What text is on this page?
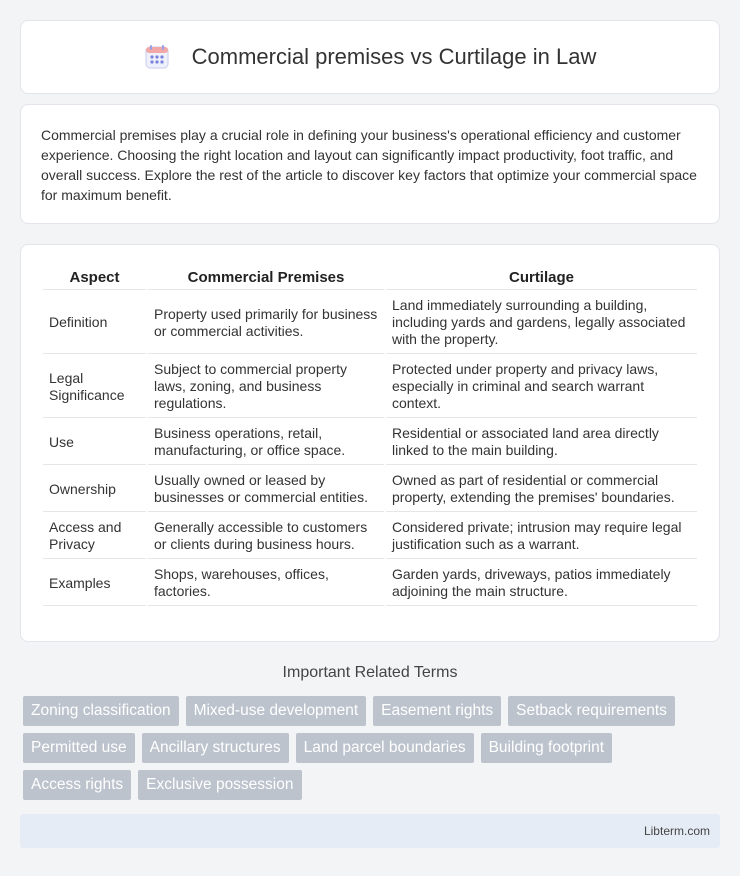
Commercial premises vs Curtilage in Law

Commercial premises play a crucial role in defining your business's operational efficiency and customer experience. Choosing the right location and layout can significantly impact productivity, foot traffic, and overall success. Explore the rest of the article to discover key factors that optimize your commercial space for maximum benefit.

Aspect	Commercial Premises	Curtilage
Definition	Property used primarily for business or commercial activities.	Land immediately surrounding a building, including yards and gardens, legally associated with the property.
Legal Significance	Subject to commercial property laws, zoning, and business regulations.	Protected under property and privacy laws, especially in criminal and search warrant context.
Use	Business operations, retail, manufacturing, or office space.	Residential or associated land area directly linked to the main building.
Ownership	Usually owned or leased by businesses or commercial entities.	Owned as part of residential or commercial property, extending the premises' boundaries.
Access and Privacy	Generally accessible to customers or clients during business hours.	Considered private; intrusion may require legal justification such as a warrant.
Examples	Shops, warehouses, offices, factories.	Garden yards, driveways, patios immediately adjoining the main structure.
Important Related Terms
Zoning classification	Mixed-use development	Easement rights	Setback requirements
Permitted use	Ancillary structures	Land parcel boundaries	Building footprint
Access rights	Exclusive possession
Libterm.com
